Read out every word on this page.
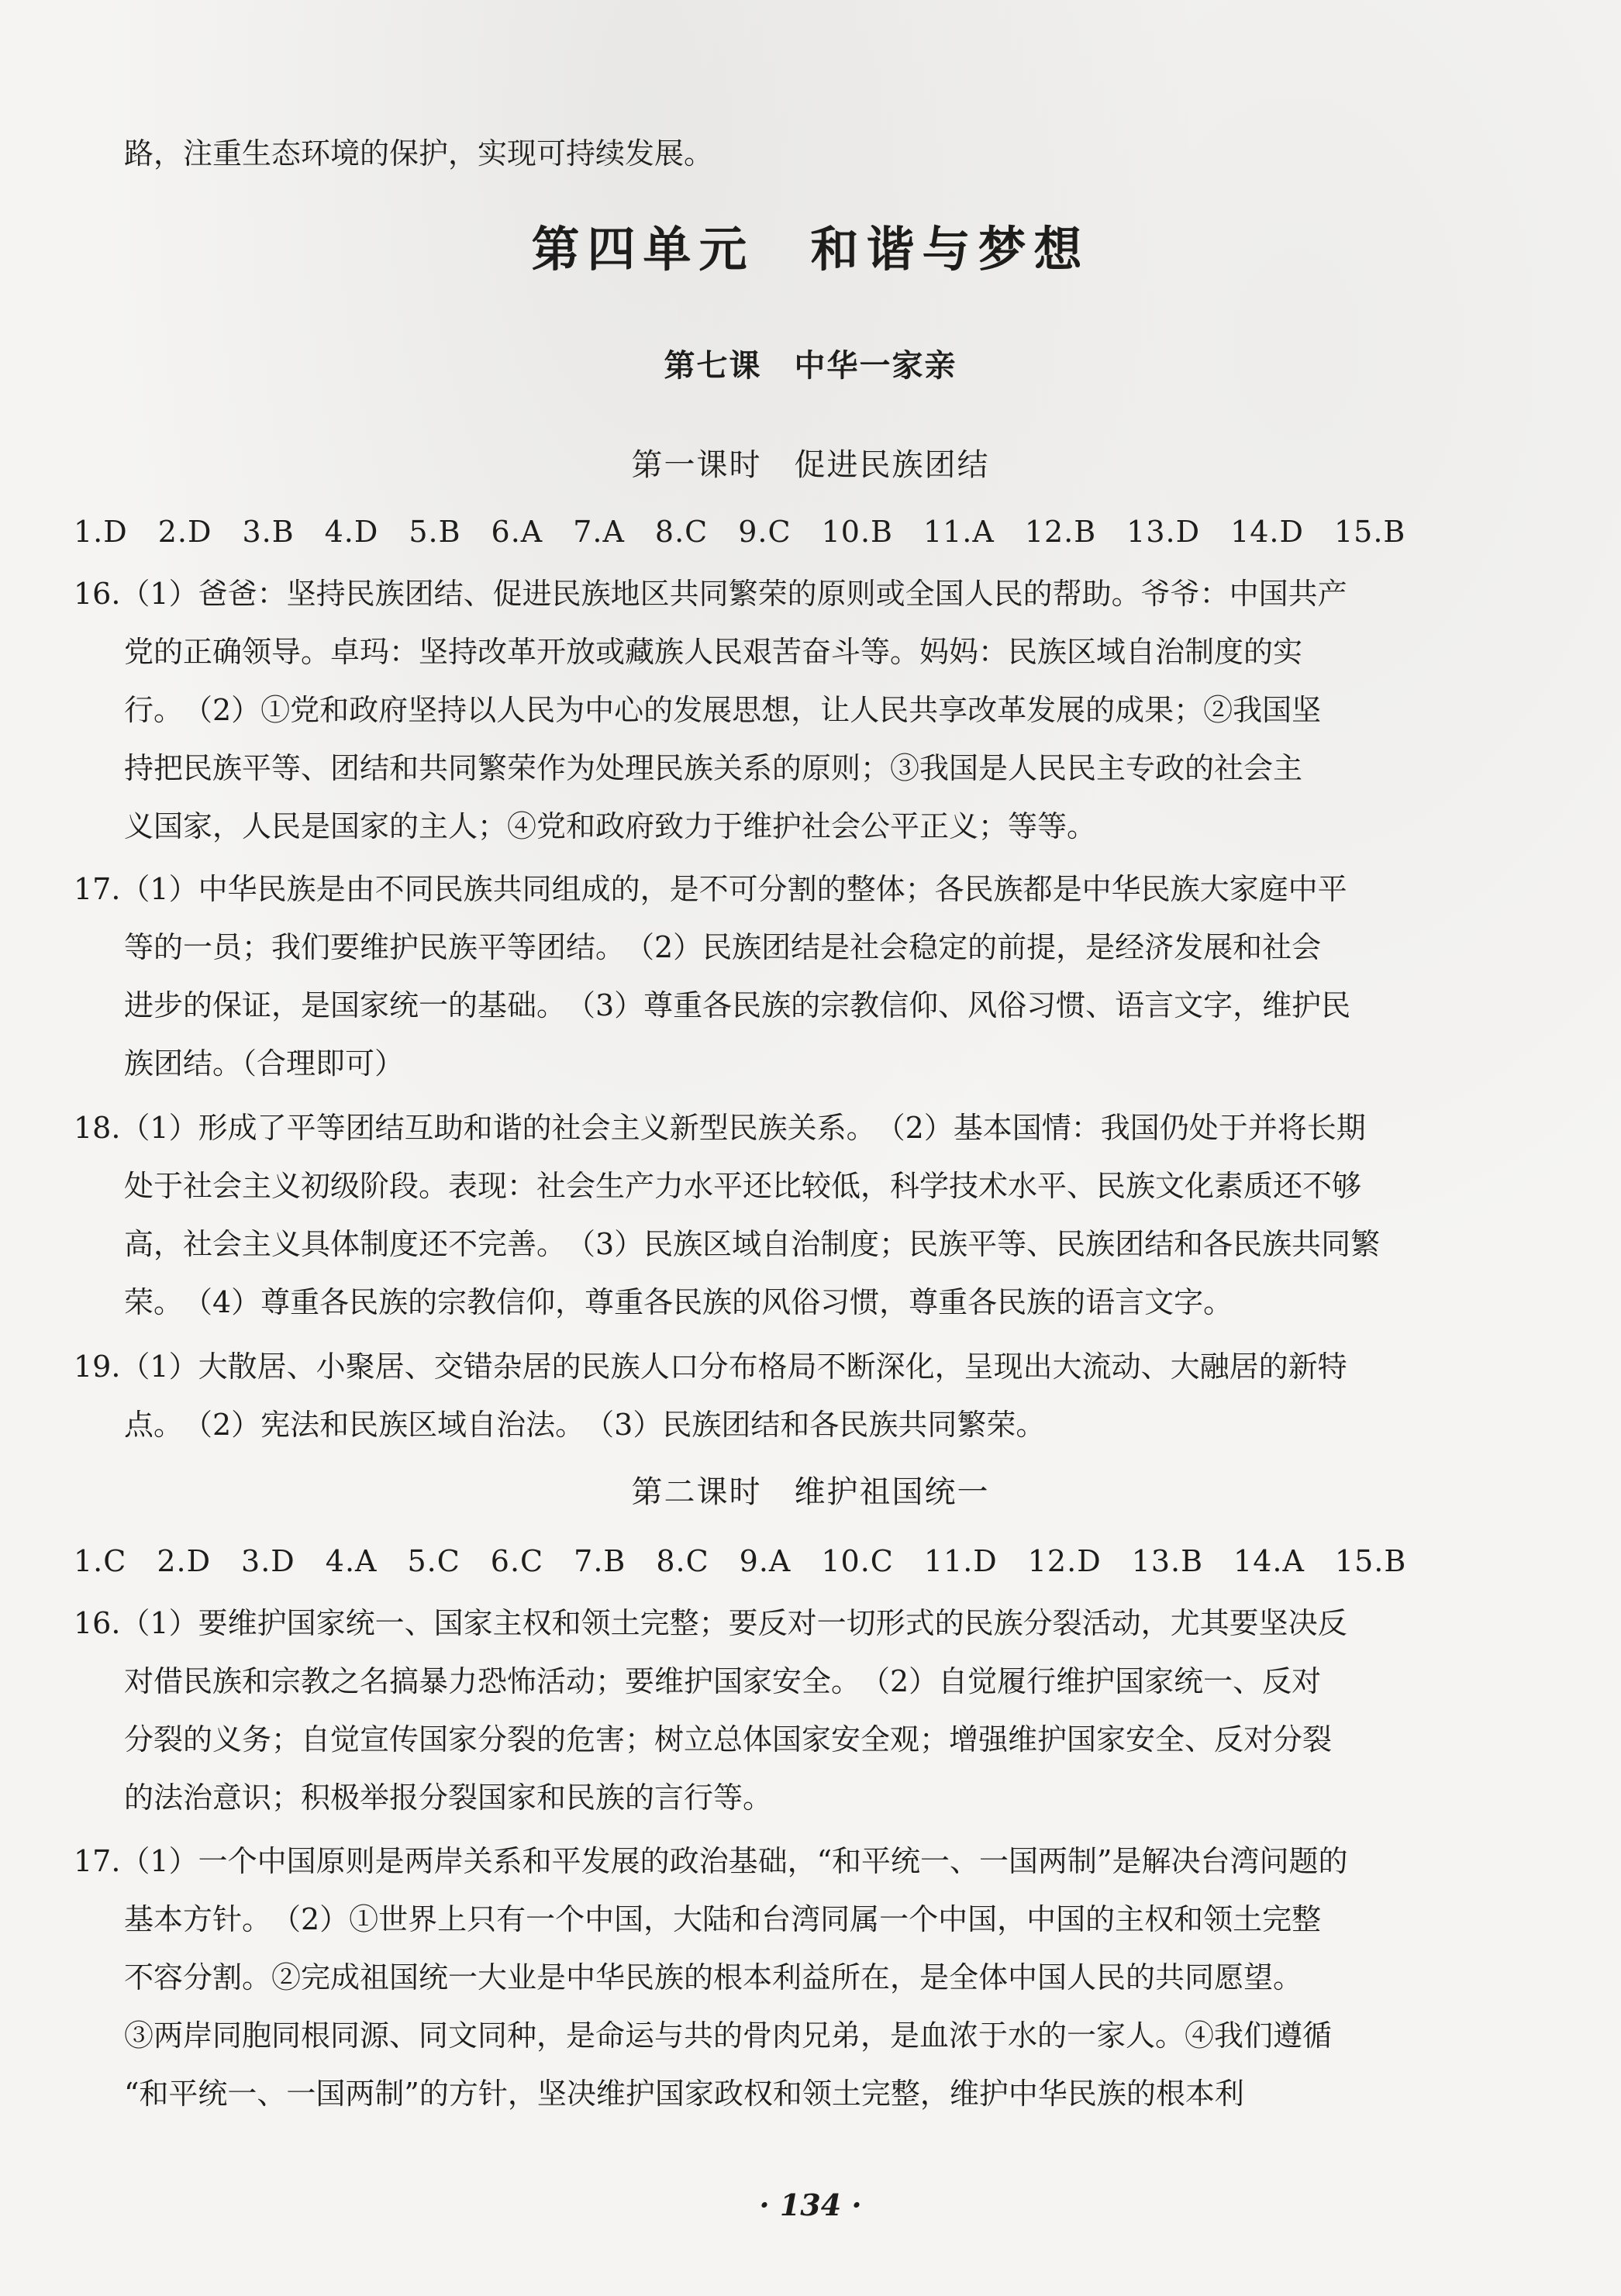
路，注重生态环境的保护，实现可持续发展。
第四单元　和谐与梦想
第七课　中华一家亲
第一课时　促进民族团结
1.D　2.D　3.B　4.D　5.B　6.A　7.A　8.C　9.C　10.B　11.A　12.B　13.D　14.D　15.B
16.（1）爸爸：坚持民族团结、促进民族地区共同繁荣的原则或全国人民的帮助。爷爷：中国共产
党的正确领导。卓玛：坚持改革开放或藏族人民艰苦奋斗等。妈妈：民族区域自治制度的实
行。　（2）①党和政府坚持以人民为中心的发展思想，让人民共享改革发展的成果；②我国坚
持把民族平等、团结和共同繁荣作为处理民族关系的原则；③我国是人民民主专政的社会主
义国家，人民是国家的主人；④党和政府致力于维护社会公平正义；等等。
17.（1）中华民族是由不同民族共同组成的，是不可分割的整体；各民族都是中华民族大家庭中平
等的一员；我们要维护民族平等团结。　（2）民族团结是社会稳定的前提，是经济发展和社会
进步的保证，是国家统一的基础。　（3）尊重各民族的宗教信仰、风俗习惯、语言文字，维护民
族团结。（合理即可）
18.（1）形成了平等团结互助和谐的社会主义新型民族关系。　（2）基本国情：我国仍处于并将长期
处于社会主义初级阶段。表现：社会生产力水平还比较低，科学技术水平、民族文化素质还不够
高，社会主义具体制度还不完善。　（3）民族区域自治制度；民族平等、民族团结和各民族共同繁
荣。　（4）尊重各民族的宗教信仰，尊重各民族的风俗习惯，尊重各民族的语言文字。
19.（1）大散居、小聚居、交错杂居的民族人口分布格局不断深化，呈现出大流动、大融居的新特
点。　（2）宪法和民族区域自治法。　（3）民族团结和各民族共同繁荣。
第二课时　维护祖国统一
1.C　2.D　3.D　4.A　5.C　6.C　7.B　8.C　9.A　10.C　11.D　12.D　13.B　14.A　15.B
16.（1）要维护国家统一、国家主权和领土完整；要反对一切形式的民族分裂活动，尤其要坚决反
对借民族和宗教之名搞暴力恐怖活动；要维护国家安全。　（2）自觉履行维护国家统一、反对
分裂的义务；自觉宣传国家分裂的危害；树立总体国家安全观；增强维护国家安全、反对分裂
的法治意识；积极举报分裂国家和民族的言行等。
17.（1）一个中国原则是两岸关系和平发展的政治基础，“和平统一、一国两制”是解决台湾问题的
基本方针。　（2）①世界上只有一个中国，大陆和台湾同属一个中国，中国的主权和领土完整
不容分割。②完成祖国统一大业是中华民族的根本利益所在，是全体中国人民的共同愿望。
③两岸同胞同根同源、同文同种，是命运与共的骨肉兄弟，是血浓于水的一家人。④我们遵循
“和平统一、一国两制”的方针，坚决维护国家政权和领土完整，维护中华民族的根本利
· 134 ·
